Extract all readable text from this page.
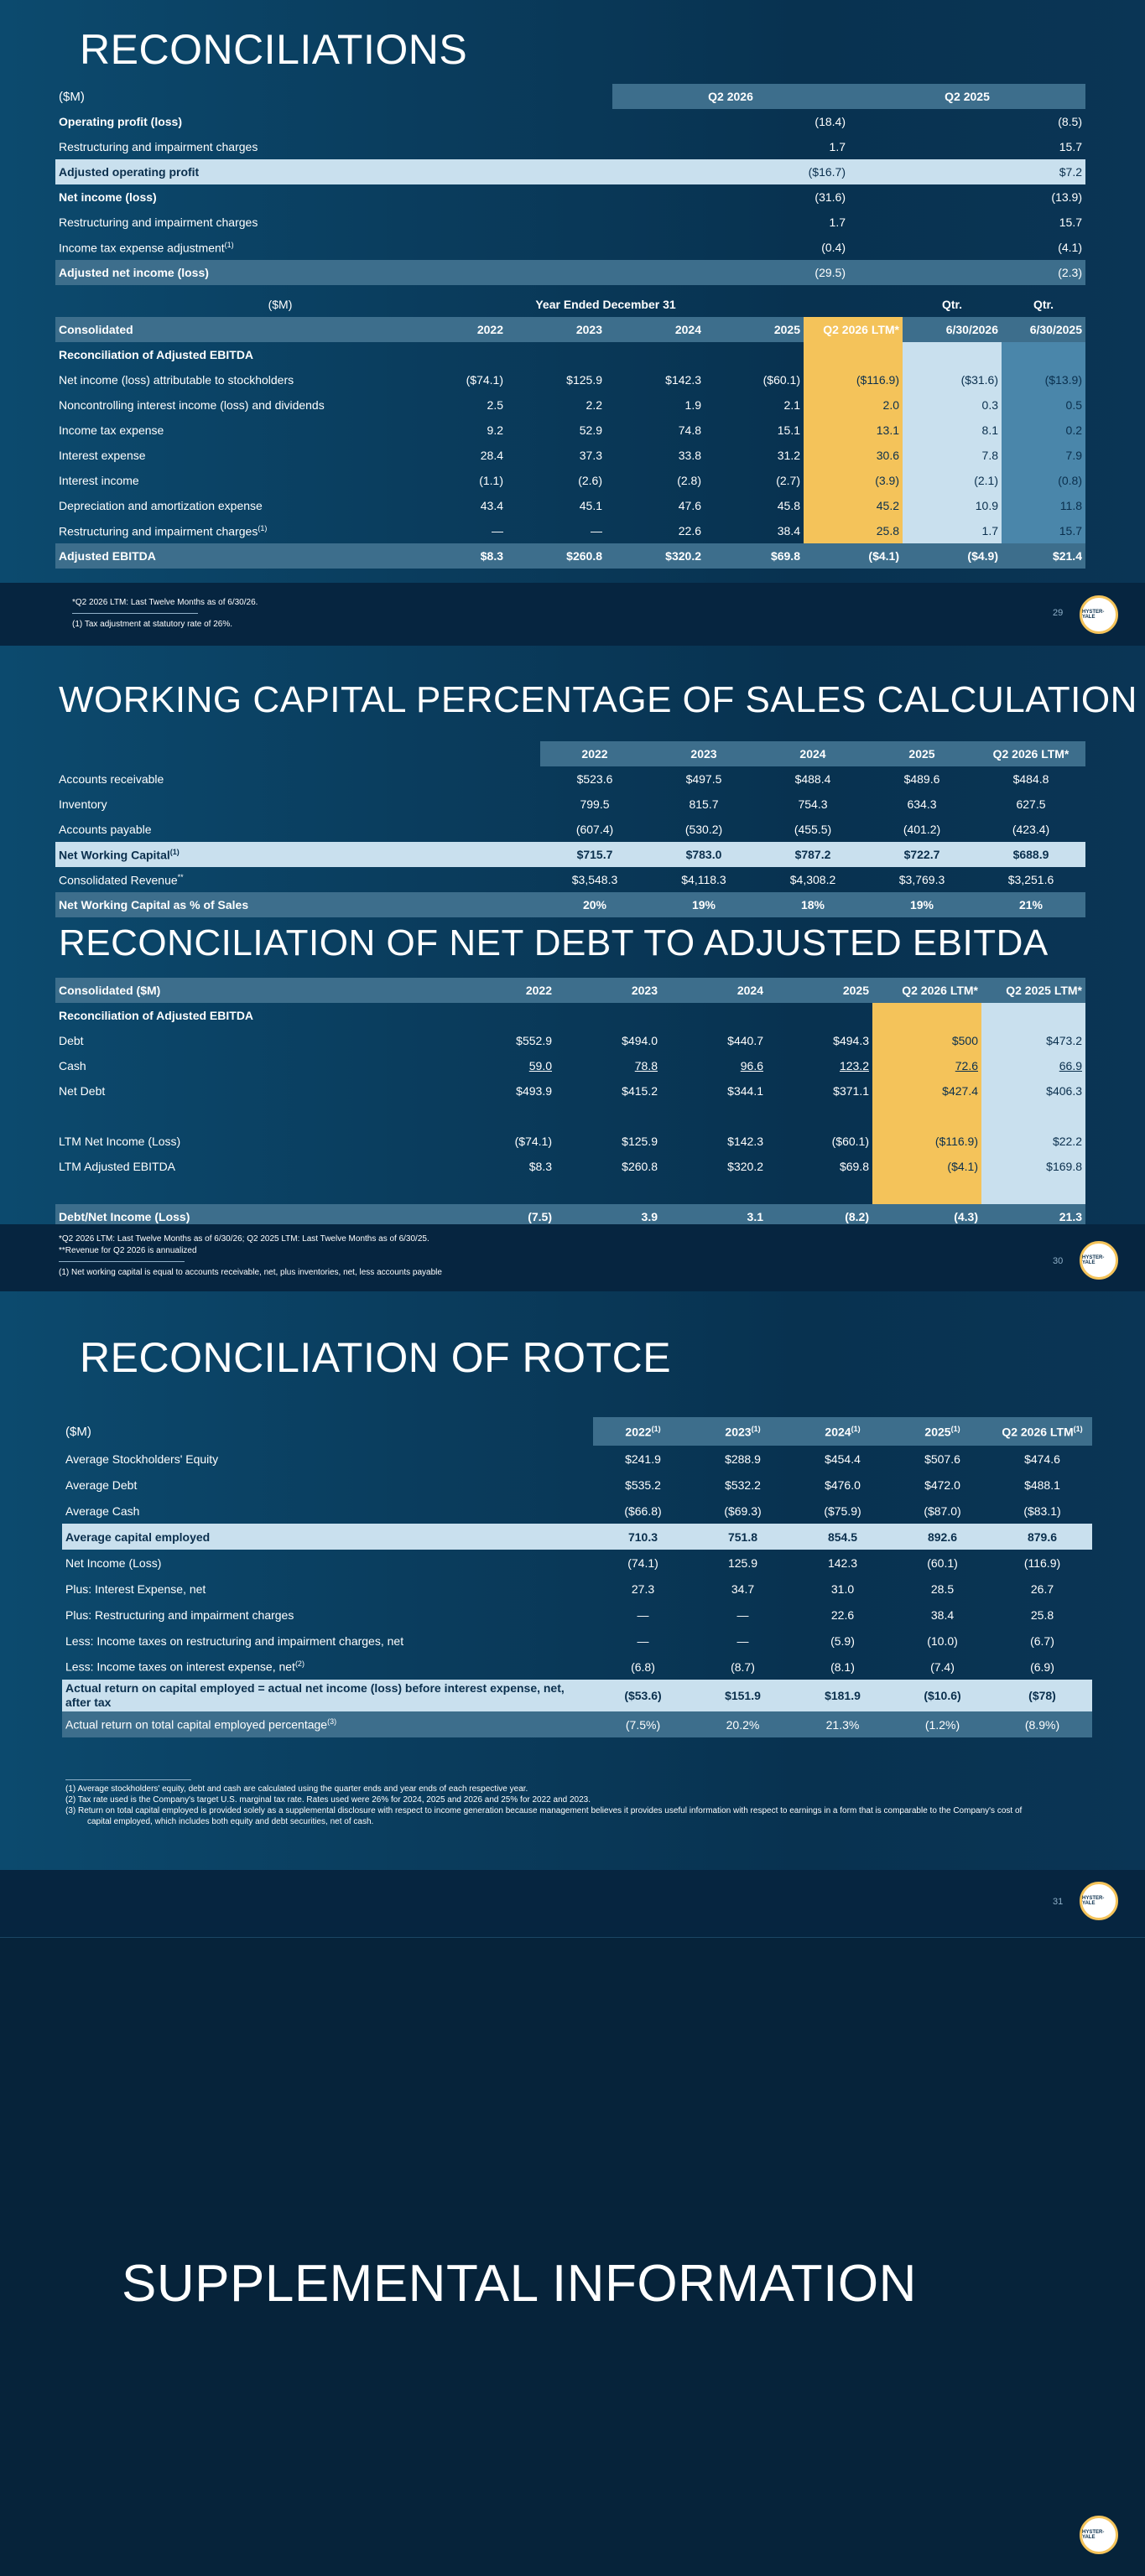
RECONCILIATIONS
($M)	Q2 2026	Q2 2025
Operating profit (loss)	(18.4)	(8.5)
Restructuring and impairment charges	1.7	15.7
Adjusted operating profit	($16.7)	$7.2
Net income (loss)	(31.6)	(13.9)
Restructuring and impairment charges	1.7	15.7
Income tax expense adjustment$^{(1)}$	(0.4)	(4.1)
Adjusted net income (loss)	(29.5)	(2.3)
($M)	Year Ended December 31					Qtr.	Qtr.
Consolidated	2022	2023	2024	2025	Q2 2026 LTM*	6/30/2026	6/30/2025
Reconciliation of Adjusted EBITDA							
Net income (loss) attributable to stockholders	($74.1)	$125.9	$142.3	($60.1)	($116.9)	($31.6)	($13.9)
Noncontrolling interest income (loss) and dividends	2.5	2.2	1.9	2.1	2.0	0.3	0.5
Income tax expense	9.2	52.9	74.8	15.1	13.1	8.1	0.2
Interest expense	28.4	37.3	33.8	31.2	30.6	7.8	7.9
Interest income	(1.1)	(2.6)	(2.8)	(2.7)	(3.9)	(2.1)	(0.8)
Depreciation and amortization expense	43.4	45.1	47.6	45.8	45.2	10.9	11.8
Restructuring and impairment charges$^{(1)}$	—	—	22.6	38.4	25.8	1.7	15.7
Adjusted EBITDA	$8.3	$260.8	$320.2	$69.8	($4.1)	($4.9)	$21.4
*Q2 2026 LTM: Last Twelve Months as of 6/30/26.
(1) Tax adjustment at statutory rate of 26%.
29	HYSTER-YALE
WORKING CAPITAL PERCENTAGE OF SALES CALCULATION
	2022	2023	2024	2025	Q2 2026 LTM*
Accounts receivable	$523.6	$497.5	$488.4	$489.6	$484.8
Inventory	799.5	815.7	754.3	634.3	627.5
Accounts payable	(607.4)	(530.2)	(455.5)	(401.2)	(423.4)
Net Working Capital$^{(1)}$	$715.7	$783.0	$787.2	$722.7	$688.9
Consolidated Revenue**	$3,548.3	$4,118.3	$4,308.2	$3,769.3	$3,251.6
Net Working Capital as % of Sales	20%	19%	18%	19%	21%
RECONCILIATION OF NET DEBT TO ADJUSTED EBITDA
Consolidated ($M)	2022	2023	2024	2025	Q2 2026 LTM*	Q2 2025 LTM*
Reconciliation of Adjusted EBITDA						
Debt	$552.9	$494.0	$440.7	$494.3	$500	$473.2
Cash	59.0	78.8	96.6	123.2	72.6	66.9
Net Debt	$493.9	$415.2	$344.1	$371.1	$427.4	$406.3

LTM Net Income (Loss)	($74.1)	$125.9	$142.3	($60.1)	($116.9)	$22.2
LTM Adjusted EBITDA	$8.3	$260.8	$320.2	$69.8	($4.1)	$169.8

Debt/Net Income (Loss)	(7.5)	3.9	3.1	(8.2)	(4.3)	21.3

*Q2 2026 LTM: Last Twelve Months as of 6/30/26; Q2 2025 LTM: Last Twelve Months as of 6/30/25.
**Revenue for Q2 2026 is annualized
(1) Net working capital is equal to accounts receivable, net, plus inventories, net, less accounts payable
30	HYSTER-YALE
RECONCILIATION OF ROTCE
($M)	2022$^{(1)}$	2023$^{(1)}$	2024$^{(1)}$	2025$^{(1)}$	Q2 2026 LTM$^{(1)}$
Average Stockholders' Equity	$241.9	$288.9	$454.4	$507.6	$474.6
Average Debt	$535.2	$532.2	$476.0	$472.0	$488.1
Average Cash	($66.8)	($69.3)	($75.9)	($87.0)	($83.1)
Average capital employed	710.3	751.8	854.5	892.6	879.6
Net Income (Loss)	(74.1)	125.9	142.3	(60.1)	(116.9)
Plus: Interest Expense, net	27.3	34.7	31.0	28.5	26.7
Plus: Restructuring and impairment charges	—	—	22.6	38.4	25.8
Less: Income taxes on restructuring and impairment charges, net	—	—	(5.9)	(10.0)	(6.7)
Less: Income taxes on interest expense, net$^{(2)}$	(6.8)	(8.7)	(8.1)	(7.4)	(6.9)
Actual return on capital employed = actual net income (loss) before interest expense, net, after tax	($53.6)	$151.9	$181.9	($10.6)	($78)
Actual return on total capital employed percentage$^{(3)}$	(7.5%)	20.2%	21.3%	(1.2%)	(8.9%)
(1) Average stockholders' equity, debt and cash are calculated using the quarter ends and year ends of each respective year.
(2) Tax rate used is the Company's target U.S. marginal tax rate. Rates used were 26% for 2024, 2025 and 2026 and 25% for 2022 and 2023.
(3) Return on total capital employed is provided solely as a supplemental disclosure with respect to income generation because management believes it provides useful information with respect to earnings in a form that is comparable to the Company's cost of
capital employed, which includes both equity and debt securities, net of cash.
31	HYSTER-YALE
SUPPLEMENTAL INFORMATION
HYSTER-YALE
